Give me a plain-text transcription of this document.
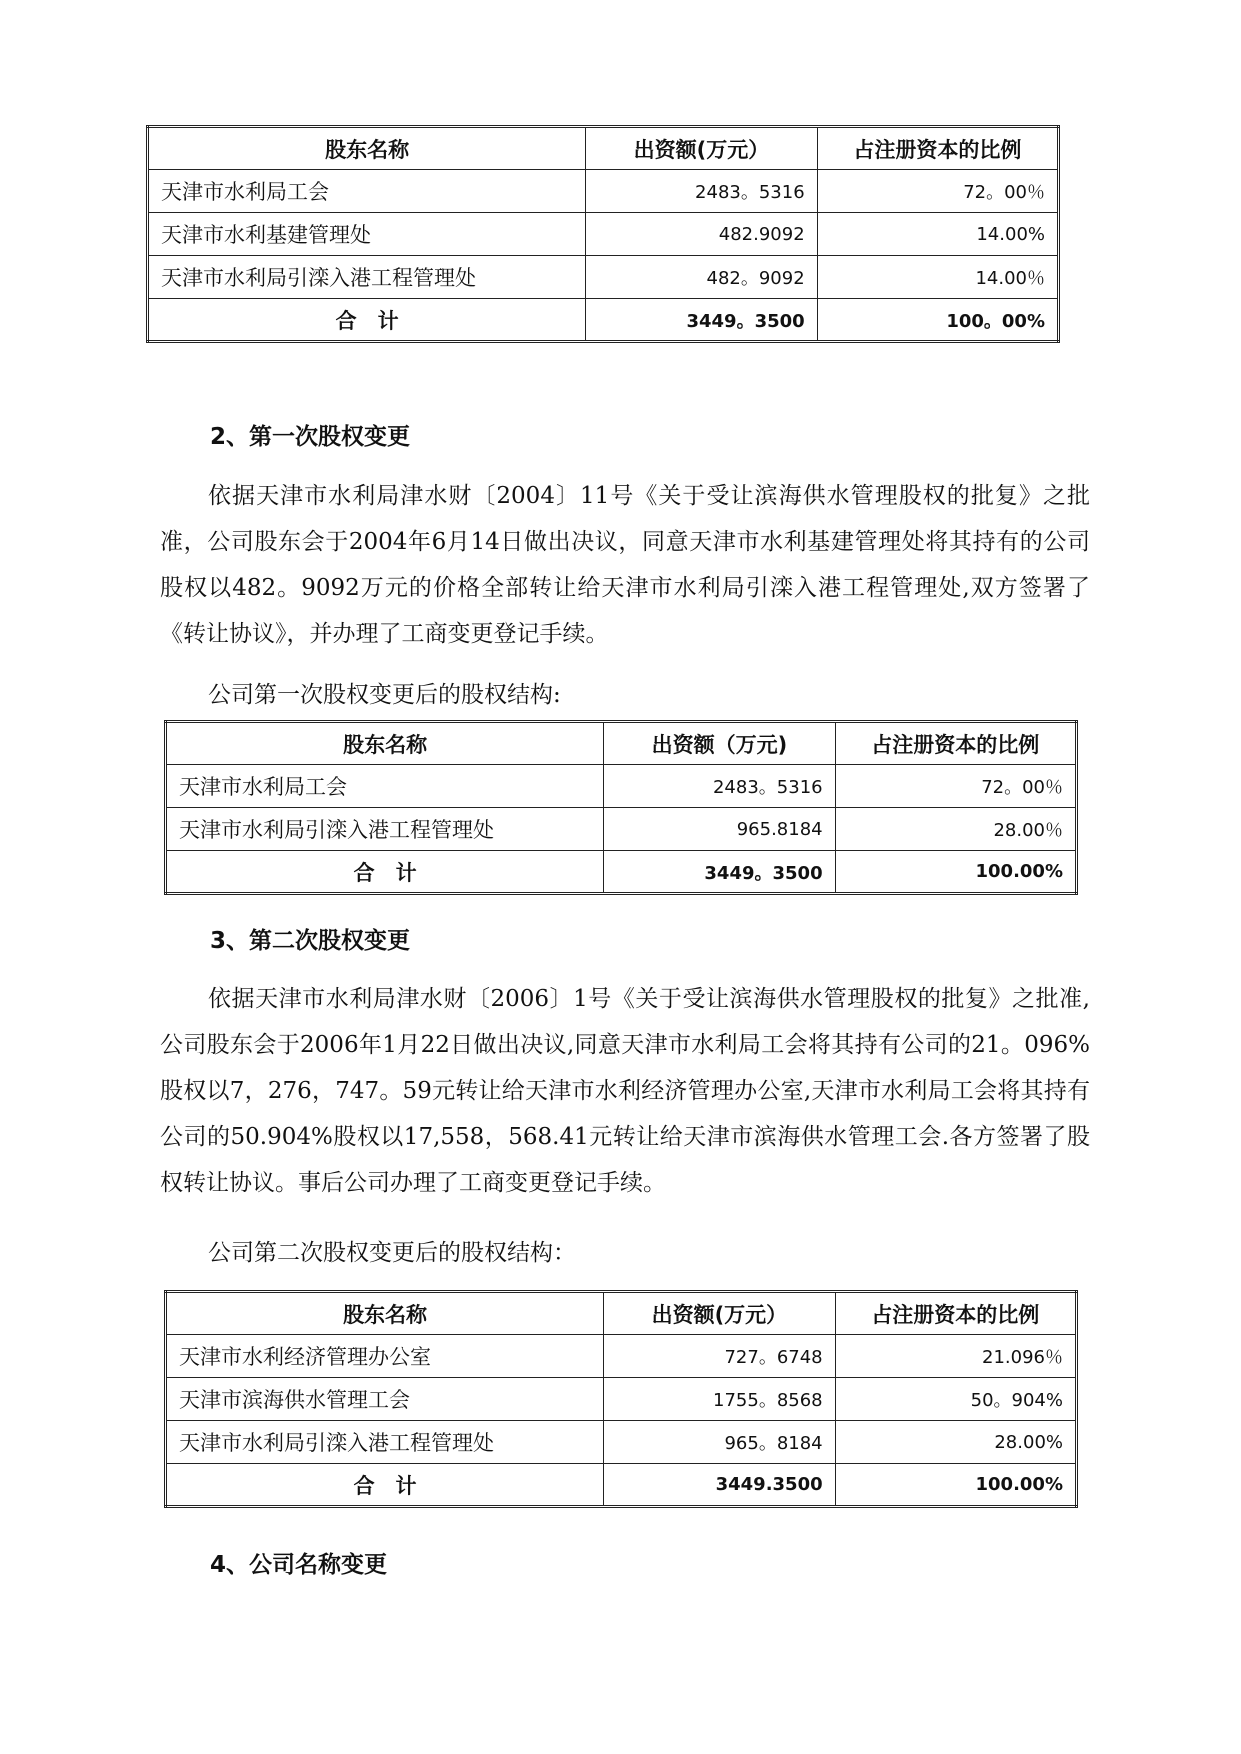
股东名称	出资额(万元）	占注册资本的比例
天津市水利局工会	2483。5316	72。00％
天津市水利基建管理处	482.9092	14.00%
天津市水利局引滦入港工程管理处	482。9092	14.00％
合　计	3449。3500	100。00%

2、第一次股权变更

依据天津市水利局津水财〔2004〕11号《关于受让滨海供水管理股权的批复》之批准，公司股东会于2004年6月14日做出决议，同意天津市水利基建管理处将其持有的公司股权以482。9092万元的价格全部转让给天津市水利局引滦入港工程管理处,双方签署了《转让协议》，并办理了工商变更登记手续。

公司第一次股权变更后的股权结构:

股东名称	出资额（万元)	占注册资本的比例
天津市水利局工会	2483。5316	72。00％
天津市水利局引滦入港工程管理处	965.8184	28.00％
合　计	3449。3500	100.00%

3、第二次股权变更

依据天津市水利局津水财〔2006〕1号《关于受让滨海供水管理股权的批复》之批准,公司股东会于2006年1月22日做出决议,同意天津市水利局工会将其持有公司的21。096%股权以7，276，747。59元转让给天津市水利经济管理办公室,天津市水利局工会将其持有公司的50.904%股权以17,558，568.41元转让给天津市滨海供水管理工会.各方签署了股权转让协议。事后公司办理了工商变更登记手续。

公司第二次股权变更后的股权结构：

股东名称	出资额(万元）	占注册资本的比例
天津市水利经济管理办公室	727。6748	21.096％
天津市滨海供水管理工会	1755。8568	50。904%
天津市水利局引滦入港工程管理处	965。8184	28.00%
合　计	3449.3500	100.00%

4、公司名称变更
